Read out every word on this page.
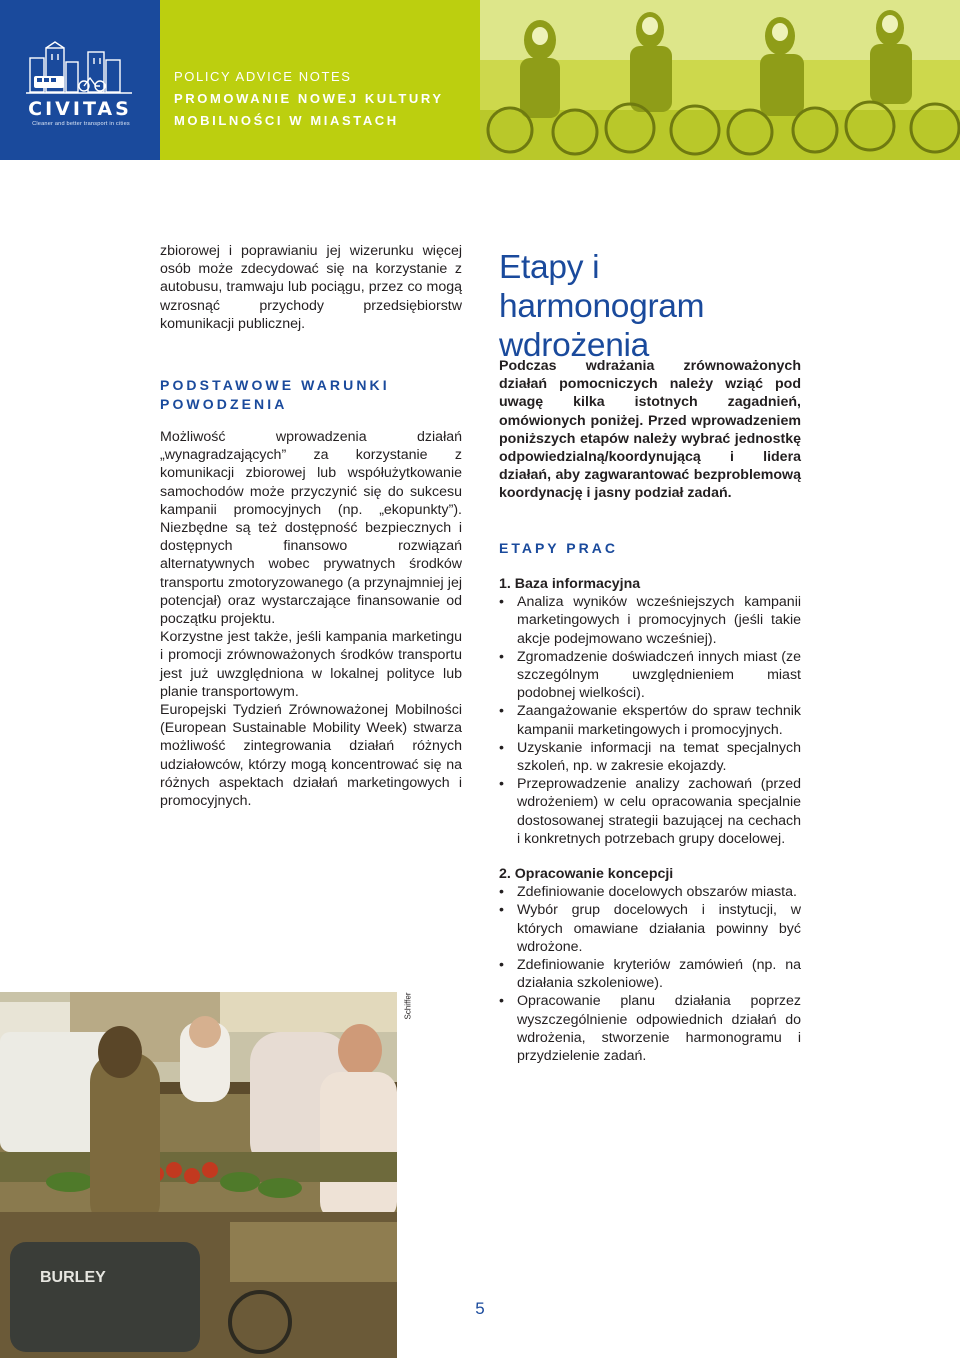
CIVITAS
Cleaner and better transport in cities
POLICY ADVICE NOTES
PROMOWANIE NOWEJ KULTURY
MOBILNOŚCI W MIASTACH

zbiorowej i poprawianiu jej wizerunku więcej osób może zdecydować się na korzystanie z autobusu, tramwaju lub pociągu, przez co mogą wzrosnąć przychody przedsiębiorstw komunikacji publicznej.

PODSTAWOWE WARUNKI
POWODZENIA

Możliwość wprowadzenia działań „wynagradzających” za korzystanie z komunikacji zbiorowej lub współużytkowanie samochodów może przyczynić się do sukcesu kampanii promocyjnych (np. „ekopunkty”). Niezbędne są też dostępność bezpiecznych i dostępnych finansowo rozwiązań alternatywnych wobec prywatnych środków transportu zmotoryzowanego (a przynajmniej jej potencjał) oraz wystarczające finansowanie od początku projektu.

Korzystne jest także, jeśli kampania marketingu i promocji zrównoważonych środków transportu jest już uwzględniona w lokalnej polityce lub planie transportowym.

Europejski Tydzień Zrównoważonej Mobilności (European Sustainable Mobility Week) stwarza możliwość zintegrowania działań różnych udziałowców, którzy mogą koncentrować się na różnych aspektach działań marketingowych i promocyjnych.

Etapy i harmonogram
wdrożenia

Podczas wdrażania zrównoważonych działań pomocniczych należy wziąć pod uwagę kilka istotnych zagadnień, omówionych poniżej. Przed wprowadzeniem poniższych etapów należy wybrać jednostkę odpowiedzialną/koordynującą i lidera działań, aby zagwarantować bezproblemową koordynację i jasny podział zadań.

ETAPY PRAC
1. Baza informacyjna
• Analiza wyników wcześniejszych kampanii marketingowych i promocyjnych (jeśli takie akcje podejmowano wcześniej).
• Zgromadzenie doświadczeń innych miast (ze szczególnym uwzględnieniem miast podobnej wielkości).
• Zaangażowanie ekspertów do spraw technik kampanii marketingowych i promocyjnych.
• Uzyskanie informacji na temat specjalnych szkoleń, np. w zakresie ekojazdy.
• Przeprowadzenie analizy zachowań (przed wdrożeniem) w celu opracowania specjalnie dostosowanej strategii bazującej na cechach i konkretnych potrzebach grupy docelowej.
2. Opracowanie koncepcji
• Zdefiniowanie docelowych obszarów miasta.
• Wybór grup docelowych i instytucji, w których omawiane działania powinny być wdrożone.
• Zdefiniowanie kryteriów zamówień (np. na działania szkoleniowe).
• Opracowanie planu działania poprzez wyszczególnienie odpowiednich działań do wdrożenia, stworzenie harmonogramu i przydzielenie zadań.
BURLEY
Schiffer
5
